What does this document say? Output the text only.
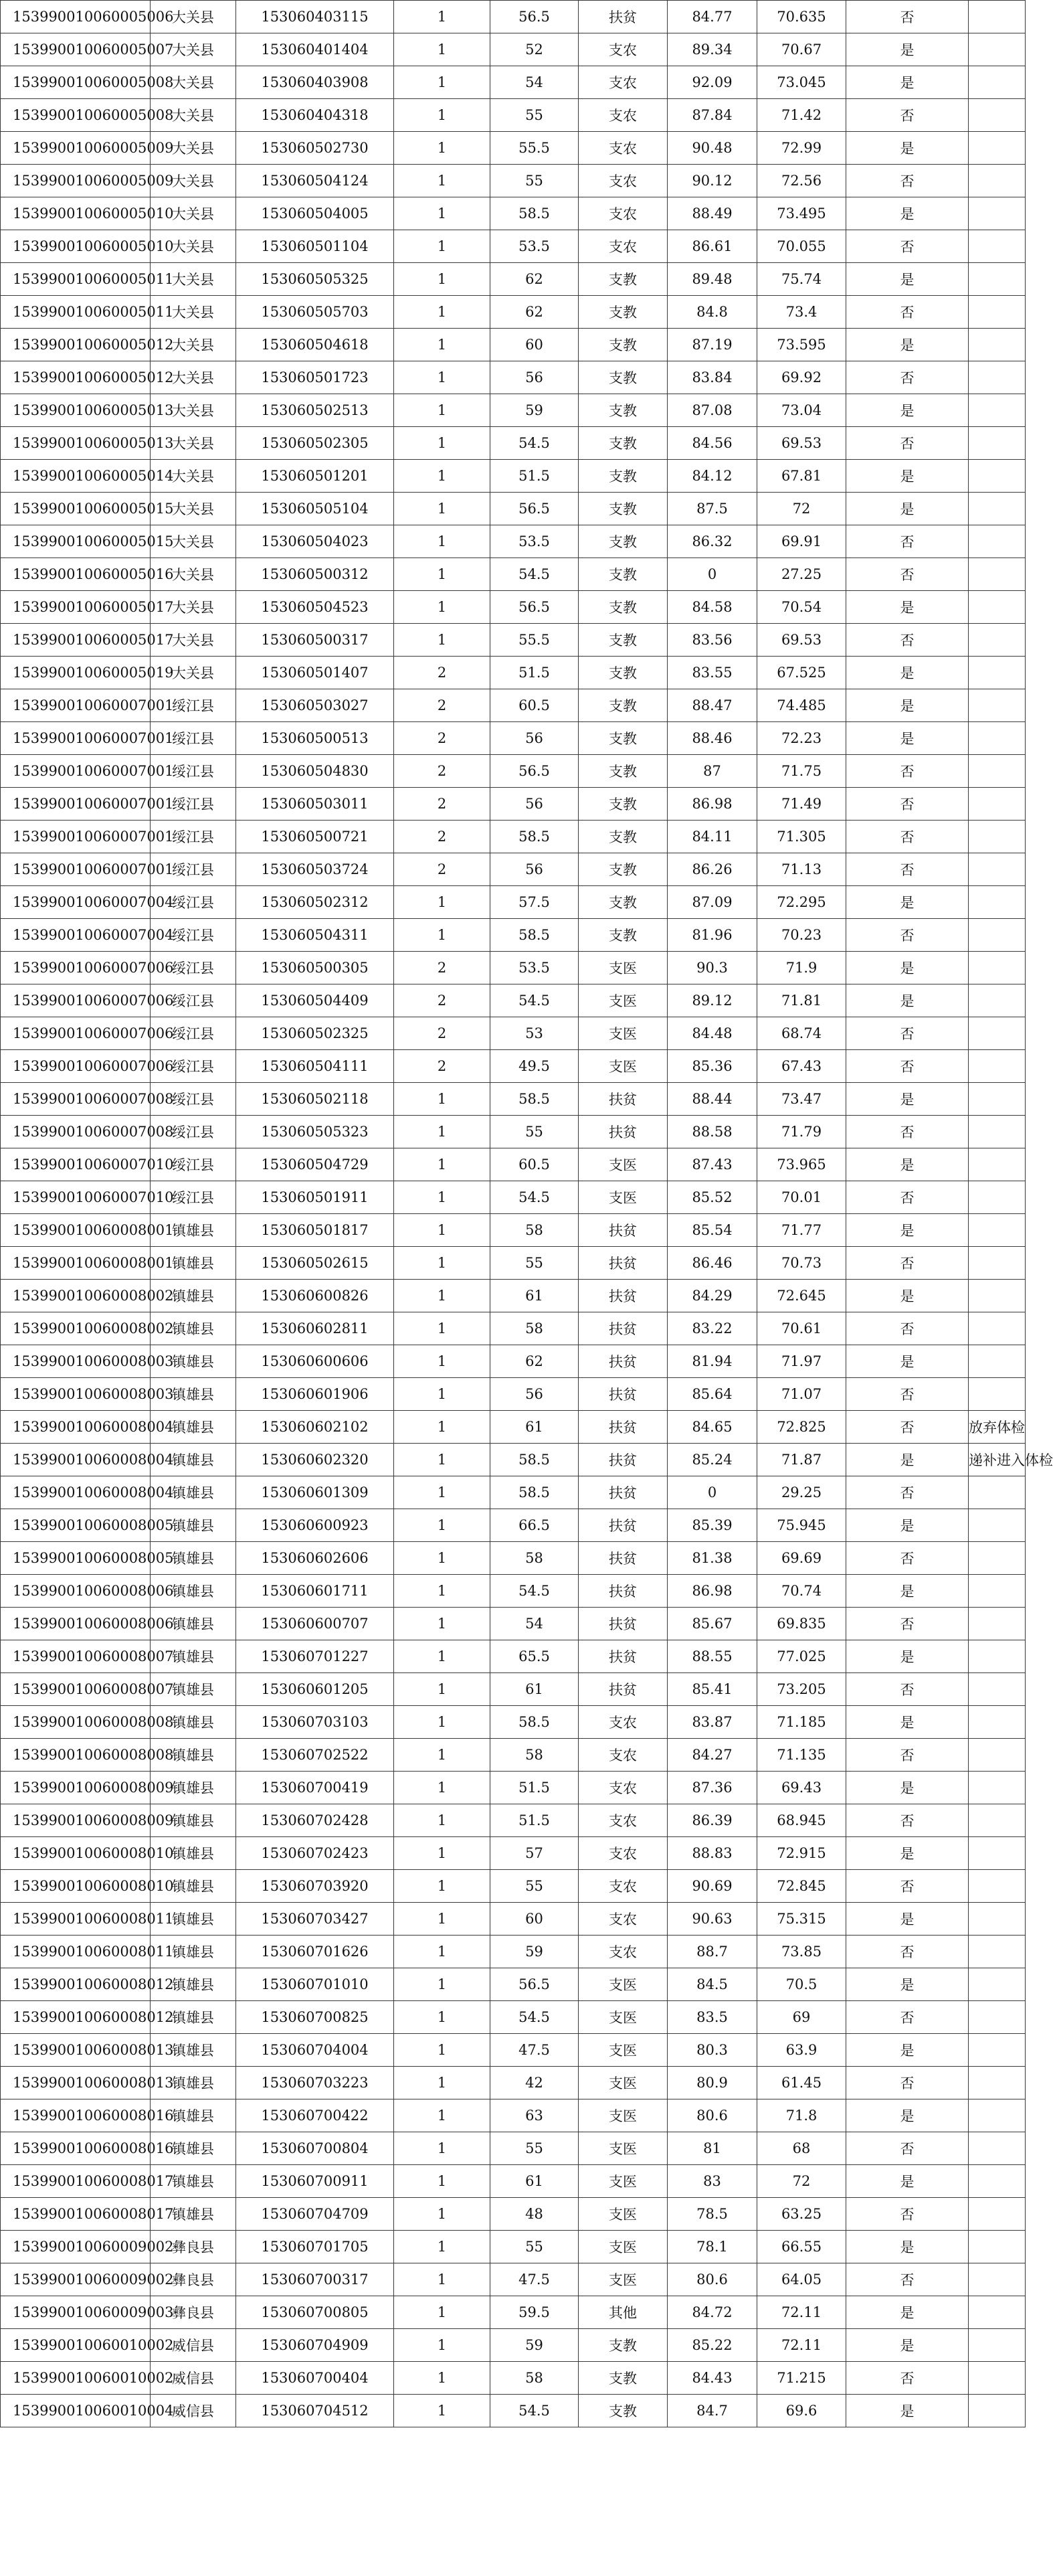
153990010060005006	大关县	153060403115	1	56.5	扶贫	84.77	70.635	否	
153990010060005007	大关县	153060401404	1	52	支农	89.34	70.67	是	
153990010060005008	大关县	153060403908	1	54	支农	92.09	73.045	是	
153990010060005008	大关县	153060404318	1	55	支农	87.84	71.42	否	
153990010060005009	大关县	153060502730	1	55.5	支农	90.48	72.99	是	
153990010060005009	大关县	153060504124	1	55	支农	90.12	72.56	否	
153990010060005010	大关县	153060504005	1	58.5	支农	88.49	73.495	是	
153990010060005010	大关县	153060501104	1	53.5	支农	86.61	70.055	否	
153990010060005011	大关县	153060505325	1	62	支教	89.48	75.74	是	
153990010060005011	大关县	153060505703	1	62	支教	84.8	73.4	否	
153990010060005012	大关县	153060504618	1	60	支教	87.19	73.595	是	
153990010060005012	大关县	153060501723	1	56	支教	83.84	69.92	否	
153990010060005013	大关县	153060502513	1	59	支教	87.08	73.04	是	
153990010060005013	大关县	153060502305	1	54.5	支教	84.56	69.53	否	
153990010060005014	大关县	153060501201	1	51.5	支教	84.12	67.81	是	
153990010060005015	大关县	153060505104	1	56.5	支教	87.5	72	是	
153990010060005015	大关县	153060504023	1	53.5	支教	86.32	69.91	否	
153990010060005016	大关县	153060500312	1	54.5	支教	0	27.25	否	
153990010060005017	大关县	153060504523	1	56.5	支教	84.58	70.54	是	
153990010060005017	大关县	153060500317	1	55.5	支教	83.56	69.53	否	
153990010060005019	大关县	153060501407	2	51.5	支教	83.55	67.525	是	
153990010060007001	绥江县	153060503027	2	60.5	支教	88.47	74.485	是	
153990010060007001	绥江县	153060500513	2	56	支教	88.46	72.23	是	
153990010060007001	绥江县	153060504830	2	56.5	支教	87	71.75	否	
153990010060007001	绥江县	153060503011	2	56	支教	86.98	71.49	否	
153990010060007001	绥江县	153060500721	2	58.5	支教	84.11	71.305	否	
153990010060007001	绥江县	153060503724	2	56	支教	86.26	71.13	否	
153990010060007004	绥江县	153060502312	1	57.5	支教	87.09	72.295	是	
153990010060007004	绥江县	153060504311	1	58.5	支教	81.96	70.23	否	
153990010060007006	绥江县	153060500305	2	53.5	支医	90.3	71.9	是	
153990010060007006	绥江县	153060504409	2	54.5	支医	89.12	71.81	是	
153990010060007006	绥江县	153060502325	2	53	支医	84.48	68.74	否	
153990010060007006	绥江县	153060504111	2	49.5	支医	85.36	67.43	否	
153990010060007008	绥江县	153060502118	1	58.5	扶贫	88.44	73.47	是	
153990010060007008	绥江县	153060505323	1	55	扶贫	88.58	71.79	否	
153990010060007010	绥江县	153060504729	1	60.5	支医	87.43	73.965	是	
153990010060007010	绥江县	153060501911	1	54.5	支医	85.52	70.01	否	
153990010060008001	镇雄县	153060501817	1	58	扶贫	85.54	71.77	是	
153990010060008001	镇雄县	153060502615	1	55	扶贫	86.46	70.73	否	
153990010060008002	镇雄县	153060600826	1	61	扶贫	84.29	72.645	是	
153990010060008002	镇雄县	153060602811	1	58	扶贫	83.22	70.61	否	
153990010060008003	镇雄县	153060600606	1	62	扶贫	81.94	71.97	是	
153990010060008003	镇雄县	153060601906	1	56	扶贫	85.64	71.07	否	
153990010060008004	镇雄县	153060602102	1	61	扶贫	84.65	72.825	否	放弃体检
153990010060008004	镇雄县	153060602320	1	58.5	扶贫	85.24	71.87	是	递补进入体检
153990010060008004	镇雄县	153060601309	1	58.5	扶贫	0	29.25	否	
153990010060008005	镇雄县	153060600923	1	66.5	扶贫	85.39	75.945	是	
153990010060008005	镇雄县	153060602606	1	58	扶贫	81.38	69.69	否	
153990010060008006	镇雄县	153060601711	1	54.5	扶贫	86.98	70.74	是	
153990010060008006	镇雄县	153060600707	1	54	扶贫	85.67	69.835	否	
153990010060008007	镇雄县	153060701227	1	65.5	扶贫	88.55	77.025	是	
153990010060008007	镇雄县	153060601205	1	61	扶贫	85.41	73.205	否	
153990010060008008	镇雄县	153060703103	1	58.5	支农	83.87	71.185	是	
153990010060008008	镇雄县	153060702522	1	58	支农	84.27	71.135	否	
153990010060008009	镇雄县	153060700419	1	51.5	支农	87.36	69.43	是	
153990010060008009	镇雄县	153060702428	1	51.5	支农	86.39	68.945	否	
153990010060008010	镇雄县	153060702423	1	57	支农	88.83	72.915	是	
153990010060008010	镇雄县	153060703920	1	55	支农	90.69	72.845	否	
153990010060008011	镇雄县	153060703427	1	60	支农	90.63	75.315	是	
153990010060008011	镇雄县	153060701626	1	59	支农	88.7	73.85	否	
153990010060008012	镇雄县	153060701010	1	56.5	支医	84.5	70.5	是	
153990010060008012	镇雄县	153060700825	1	54.5	支医	83.5	69	否	
153990010060008013	镇雄县	153060704004	1	47.5	支医	80.3	63.9	是	
153990010060008013	镇雄县	153060703223	1	42	支医	80.9	61.45	否	
153990010060008016	镇雄县	153060700422	1	63	支医	80.6	71.8	是	
153990010060008016	镇雄县	153060700804	1	55	支医	81	68	否	
153990010060008017	镇雄县	153060700911	1	61	支医	83	72	是	
153990010060008017	镇雄县	153060704709	1	48	支医	78.5	63.25	否	
153990010060009002	彝良县	153060701705	1	55	支医	78.1	66.55	是	
153990010060009002	彝良县	153060700317	1	47.5	支医	80.6	64.05	否	
153990010060009003	彝良县	153060700805	1	59.5	其他	84.72	72.11	是	
153990010060010002	威信县	153060704909	1	59	支教	85.22	72.11	是	
153990010060010002	威信县	153060700404	1	58	支教	84.43	71.215	否	
153990010060010004	威信县	153060704512	1	54.5	支教	84.7	69.6	是	
